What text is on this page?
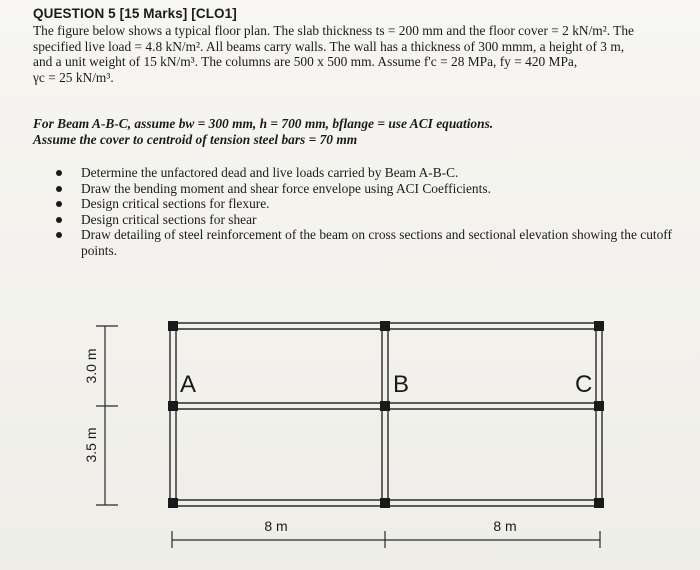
QUESTION 5 [15 Marks] [CLO1]

The figure below shows a typical floor plan. The slab thickness ts = 200 mm and the floor cover = 2 kN/m². The

specified live load = 4.8 kN/m². All beams carry walls. The wall has a thickness of 300 mmm, a height of 3 m,

and a unit weight of 15 kN/m³. The columns are 500 x 500 mm. Assume f'c = 28 MPa, fy = 420 MPa,

γc = 25 kN/m³.

For Beam A-B-C, assume bw = 300 mm, h = 700 mm, bflange = use ACI equations.

Assume the cover to centroid of tension steel bars = 70 mm

Determine the unfactored dead and live loads carried by Beam A-B-C.
Draw the bending moment and shear force envelope using ACI Coefficients.
Design critical sections for flexure.
Design critical sections for shear
Draw detailing of steel reinforcement of the beam on cross sections and sectional elevation showing the cutoff points.
A	B	C
3.0 m
3.5 m
8 m	8 m
